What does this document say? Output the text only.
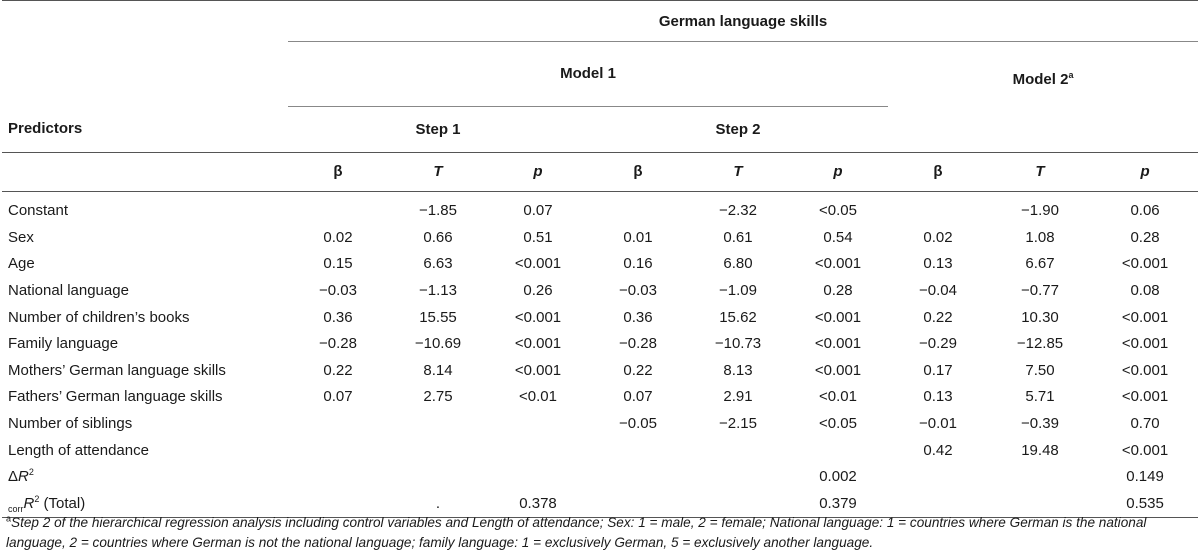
	German language skills								
	Model 1						Model 2$^a$
Predictors	Step 1			Step 2					
	β	T	p	β	T	p	β	T	p
Constant		−1.85	0.07		−2.32	<0.05		−1.90	0.06
Sex	0.02	0.66	0.51	0.01	0.61	0.54	0.02	1.08	0.28
Age	0.15	6.63	<0.001	0.16	6.80	<0.001	0.13	6.67	<0.001
National language	−0.03	−1.13	0.26	−0.03	−1.09	0.28	−0.04	−0.77	0.08
Number of children’s books	0.36	15.55	<0.001	0.36	15.62	<0.001	0.22	10.30	<0.001
Family language	−0.28	−10.69	<0.001	−0.28	−10.73	<0.001	−0.29	−12.85	<0.001
Mothers’ German language skills	0.22	8.14	<0.001	0.22	8.13	<0.001	0.17	7.50	<0.001
Fathers’ German language skills	0.07	2.75	<0.01	0.07	2.91	<0.01	0.13	5.71	<0.001
Number of siblings				−0.05	−2.15	<0.05	−0.01	−0.39	0.70
Length of attendance							0.42	19.48	<0.001
$\Delta R^2$						0.002			0.149
$_{corr}R^2$ (Total)		.	0.378			0.379			0.535
$^a$Step 2 of the hierarchical regression analysis including control variables and Length of attendance; Sex: 1 = male, 2 = female; National language: 1 = countries where German is the national language, 2 = countries where German is not the national language; family language: 1 = exclusively German, 5 = exclusively another language.
